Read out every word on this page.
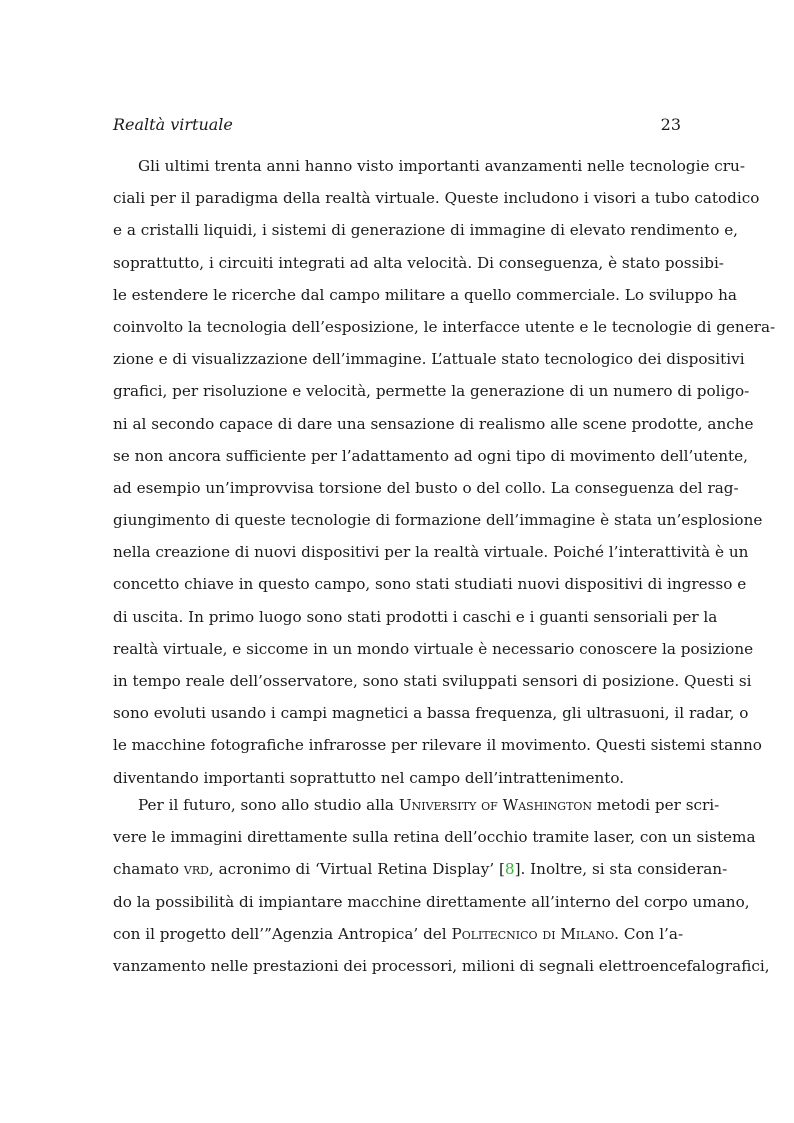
Realtà virtuale	23
Gli ultimi trenta anni hanno visto importanti avanzamenti nelle tecnologie cru-
ciali per il paradigma della realtà virtuale. Queste includono i visori a tubo catodico
e a cristalli liquidi, i sistemi di generazione di immagine di elevato rendimento e,
soprattutto, i circuiti integrati ad alta velocità. Di conseguenza, è stato possibi-
le estendere le ricerche dal campo militare a quello commerciale. Lo sviluppo ha
coinvolto la tecnologia dell’esposizione, le interfacce utente e le tecnologie di genera-
zione e di visualizzazione dell’immagine. L’attuale stato tecnologico dei dispositivi
grafici, per risoluzione e velocità, permette la generazione di un numero di poligo-
ni al secondo capace di dare una sensazione di realismo alle scene prodotte, anche
se non ancora sufficiente per l’adattamento ad ogni tipo di movimento dell’utente,
ad esempio un’improvvisa torsione del busto o del collo. La conseguenza del rag-
giungimento di queste tecnologie di formazione dell’immagine è stata un’esplosione
nella creazione di nuovi dispositivi per la realtà virtuale. Poiché l’interattività è un
concetto chiave in questo campo, sono stati studiati nuovi dispositivi di ingresso e
di uscita. In primo luogo sono stati prodotti i caschi e i guanti sensoriali per la
realtà virtuale, e siccome in un mondo virtuale è necessario conoscere la posizione
in tempo reale dell’osservatore, sono stati sviluppati sensori di posizione. Questi si
sono evoluti usando i campi magnetici a bassa frequenza, gli ultrasuoni, il radar, o
le macchine fotografiche infrarosse per rilevare il movimento. Questi sistemi stanno
diventando importanti soprattutto nel campo dell’intrattenimento.
Per il futuro, sono allo studio alla University of Washington metodi per scri-
vere le immagini direttamente sulla retina dell’occhio tramite laser, con un sistema
chamato vrd, acronimo di ‘Virtual Retina Display’ [8]. Inoltre, si sta consideran-
do la possibilità di impiantare macchine direttamente all’interno del corpo umano,
con il progetto dell’”Agenzia Antropica’ del Politecnico di Milano. Con l’a-
vanzamento nelle prestazioni dei processori, milioni di segnali elettroencefalografici,
